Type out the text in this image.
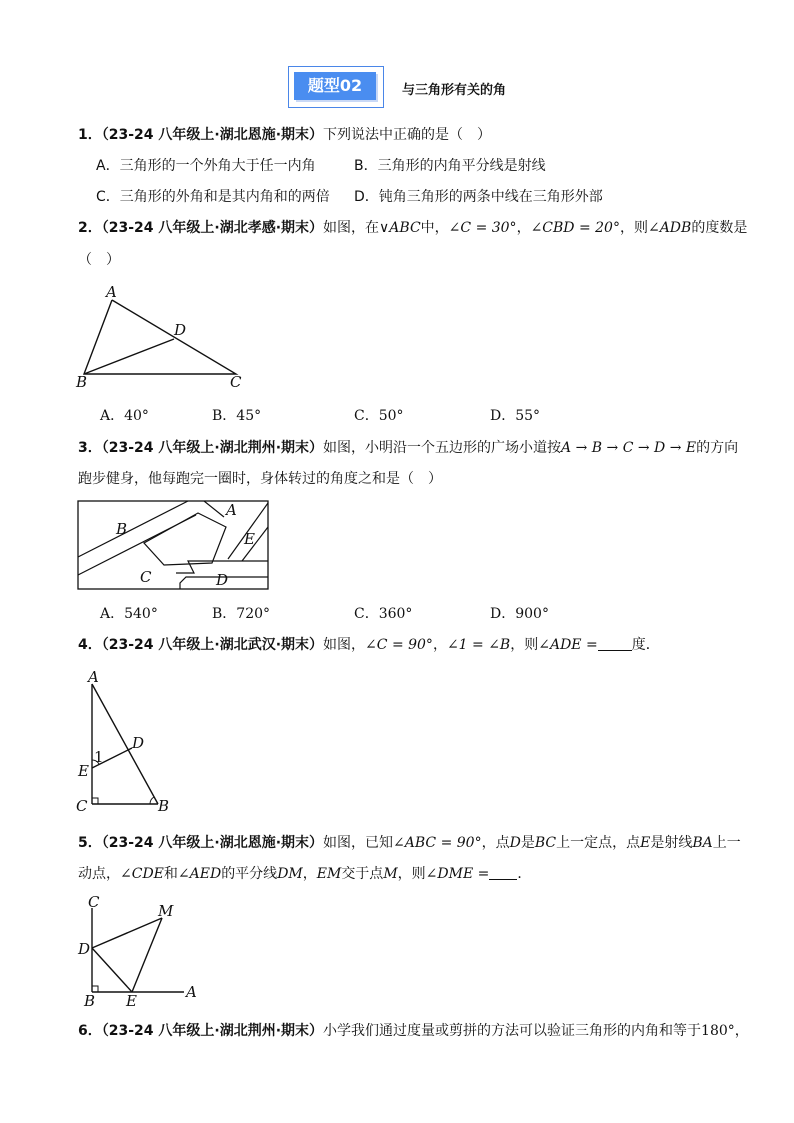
题型02	与三角形有关的角
1．（23-24 八年级上·湖北恩施·期末）下列说法中正确的是（　）
A．三角形的一个外角大于任一内角	B．三角形的内角平分线是射线
C．三角形的外角和是其内角和的两倍 D．钝角三角形的两条中线在三角形外部
2．（23-24 八年级上·湖北孝感·期末）如图，在∨ABC中，∠C = 30°，∠CBD = 20°，则∠ADB的度数是
（　）
A
D
B	C
A．40°	B．45°	C．50°	D．55°
3．（23-24 八年级上·湖北荆州·期末）如图，小明沿一个五边形的广场小道按A → B → C → D → E的方向
跑步健身，他每跑完一圈时，身体转过的角度之和是（　）
B
A
E
C	D
A．540°	B．720°	C．360°	D．900°
4．（23-24 八年级上·湖北武汉·期末）如图，∠C = 90°，∠1 = ∠B，则∠ADE = 度．
A
D
1
E
C	B
5．（23-24 八年级上·湖北恩施·期末）如图，已知∠ABC = 90°，点D是BC上一定点，点E是射线BA上一
动点，∠CDE和∠AED的平分线DM，EM交于点M，则∠DME = ．
C	M
D
B E	A
6．（23-24 八年级上·湖北荆州·期末）小学我们通过度量或剪拼的方法可以验证三角形的内角和等于180°，
